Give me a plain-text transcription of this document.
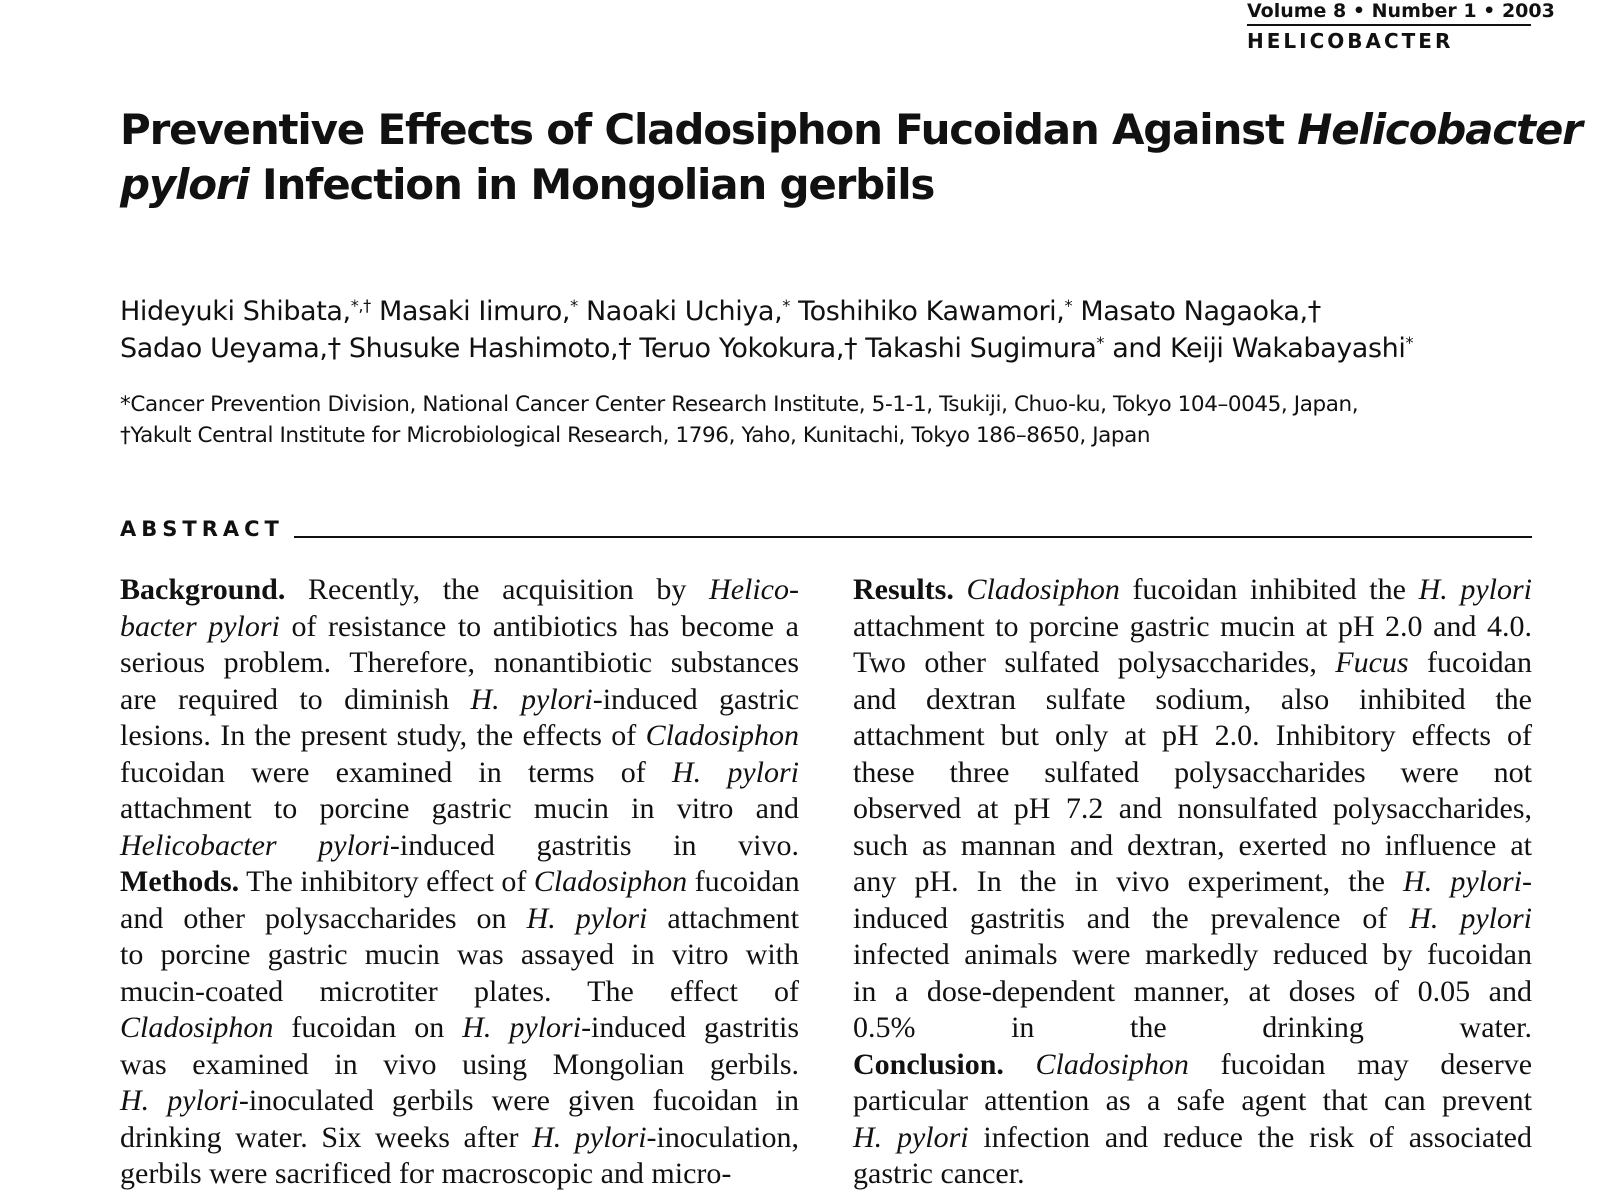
Volume 8 • Number 1 • 2003
HELICOBACTER
Preventive Effects of Cladosiphon Fucoidan Against Helicobacter
pylori Infection in Mongolian gerbils
Hideyuki Shibata,*,† Masaki Iimuro,* Naoaki Uchiya,* Toshihiko Kawamori,* Masato Nagaoka,†
Sadao Ueyama,† Shusuke Hashimoto,† Teruo Yokokura,† Takashi Sugimura* and Keiji Wakabayashi*
*Cancer Prevention Division, National Cancer Center Research Institute, 5-1-1, Tsukiji, Chuo-ku, Tokyo 104–0045, Japan,
†Yakult Central Institute for Microbiological Research, 1796, Yaho, Kunitachi, Tokyo 186–8650, Japan
ABSTRACT
Background. Recently, the acquisition by Helico-
bacter pylori of resistance to antibiotics has become a
serious problem. Therefore, nonantibiotic substances
are required to diminish H. pylori-induced gastric
lesions. In the present study, the effects of Cladosiphon
fucoidan were examined in terms of H. pylori
attachment to porcine gastric mucin in vitro and
Helicobacter pylori-induced gastritis in vivo.
Methods. The inhibitory effect of Cladosiphon fucoidan
and other polysaccharides on H. pylori attachment
to porcine gastric mucin was assayed in vitro with
mucin-coated microtiter plates. The effect of
Cladosiphon fucoidan on H. pylori-induced gastritis
was examined in vivo using Mongolian gerbils.
H. pylori-inoculated gerbils were given fucoidan in
drinking water. Six weeks after H. pylori-inoculation,
gerbils were sacrificed for macroscopic and micro-
Results. Cladosiphon fucoidan inhibited the H. pylori
attachment to porcine gastric mucin at pH 2.0 and 4.0.
Two other sulfated polysaccharides, Fucus fucoidan
and dextran sulfate sodium, also inhibited the
attachment but only at pH 2.0. Inhibitory effects of
these three sulfated polysaccharides were not
observed at pH 7.2 and nonsulfated polysaccharides,
such as mannan and dextran, exerted no influence at
any pH. In the in vivo experiment, the H. pylori-
induced gastritis and the prevalence of H. pylori
infected animals were markedly reduced by fucoidan
in a dose-dependent manner, at doses of 0.05 and
0.5% in the drinking water.
Conclusion. Cladosiphon fucoidan may deserve
particular attention as a safe agent that can prevent
H. pylori infection and reduce the risk of associated
gastric cancer.
